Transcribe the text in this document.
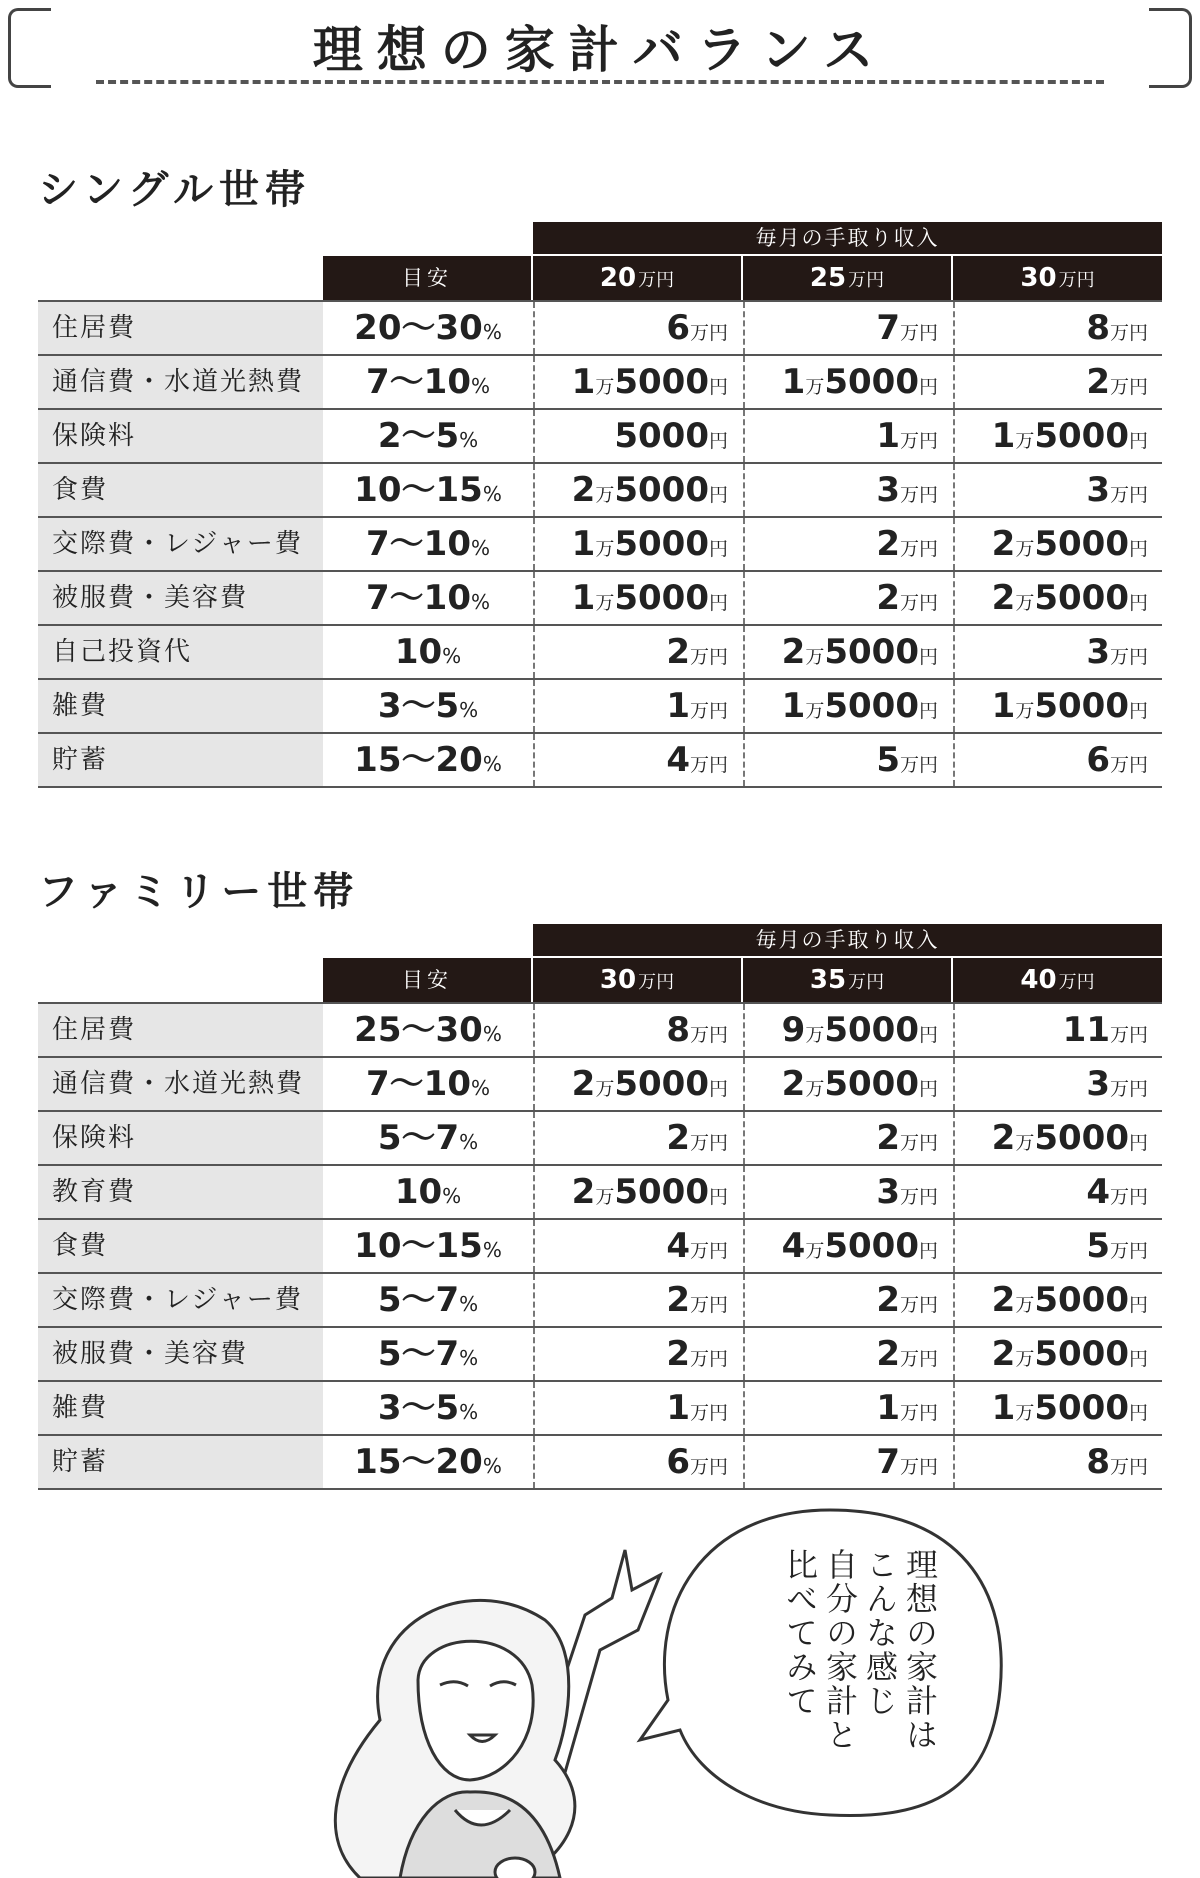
理想の家計バランス
シングル世帯
毎月の手取り収入
目安	20 万円	25 万円	30 万円
住居費	20～30%	6万円	7万円	8万円
通信費・水道光熱費	7～10%	1万5000円	1万5000円	2万円
保険料	2～5%	5000円	1万円	1万5000円
食費	10～15%	2万5000円	3万円	3万円
交際費・レジャー費	7～10%	1万5000円	2万円	2万5000円
被服費・美容費	7～10%	1万5000円	2万円	2万5000円
自己投資代	10%	2万円	2万5000円	3万円
雑費	3～5%	1万円	1万5000円	1万5000円
貯蓄	15～20%	4万円	5万円	6万円
ファミリー世帯
毎月の手取り収入
目安	30 万円	35 万円	40 万円
住居費	25～30%	8万円	9万5000円	11万円
通信費・水道光熱費	7～10%	2万5000円	2万5000円	3万円
保険料	5～7%	2万円	2万円	2万5000円
教育費	10%	2万5000円	3万円	4万円
食費	10～15%	4万円	4万5000円	5万円
交際費・レジャー費	5～7%	2万円	2万円	2万5000円
被服費・美容費	5～7%	2万円	2万円	2万5000円
雑費	3～5%	1万円	1万円	1万5000円
貯蓄	15～20%	6万円	7万円	8万円
理想の家計は
こんな感じ
自分の家計と
比べてみて
